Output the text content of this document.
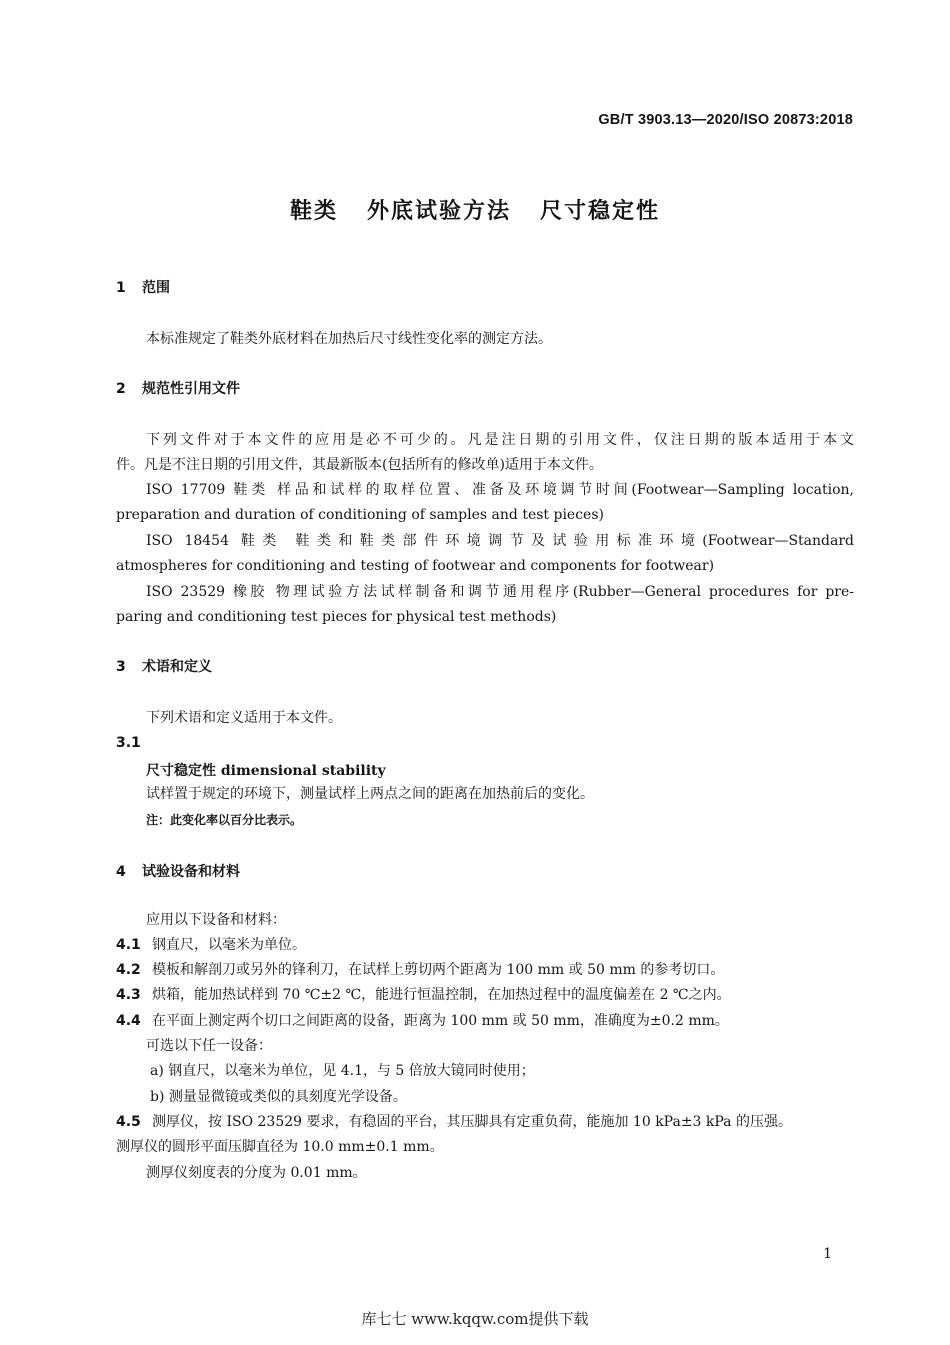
GB/T 3903.13—2020/ISO 20873:2018
鞋类   外底试验方法   尺寸稳定性
1 范围
本标准规定了鞋类外底材料在加热后尺寸线性变化率的测定方法。
2 规范性引用文件
下列文件对于本文件的应用是必不可少的。凡是注日期的引用文件，仅注日期的版本适用于本文
件。凡是不注日期的引用文件，其最新版本(包括所有的修改单)适用于本文件。
ISO 17709 鞋类 样品和试样的取样位置、准备及环境调节时间(Footwear—Sampling location,
preparation and duration of conditioning of samples and test pieces)
ISO 18454 鞋类 鞋类和鞋类部件环境调节及试验用标准环境(Footwear—Standard
atmospheres for conditioning and testing of footwear and components for footwear)
ISO 23529 橡胶 物理试验方法试样制备和调节通用程序(Rubber—General procedures for pre-
paring and conditioning test pieces for physical test methods)
3 术语和定义
下列术语和定义适用于本文件。
3.1
尺寸稳定性 dimensional stability
试样置于规定的环境下，测量试样上两点之间的距离在加热前后的变化。
注：此变化率以百分比表示。
4 试验设备和材料
应用以下设备和材料：
4.1 钢直尺，以毫米为单位。
4.2 模板和解剖刀或另外的锋利刀，在试样上剪切两个距离为 100 mm 或 50 mm 的参考切口。
4.3 烘箱，能加热试样到 70 ℃±2 ℃，能进行恒温控制，在加热过程中的温度偏差在 2 ℃之内。
4.4 在平面上测定两个切口之间距离的设备，距离为 100 mm 或 50 mm，准确度为±0.2 mm。
可选以下任一设备：
a) 钢直尺，以毫米为单位，见 4.1，与 5 倍放大镜同时使用；
b) 测量显微镜或类似的具刻度光学设备。
4.5 测厚仪，按 ISO 23529 要求，有稳固的平台，其压脚具有定重负荷，能施加 10 kPa±3 kPa 的压强。
测厚仪的圆形平面压脚直径为 10.0 mm±0.1 mm。
测厚仪刻度表的分度为 0.01 mm。
1
库七七 www.kqqw.com提供下载
